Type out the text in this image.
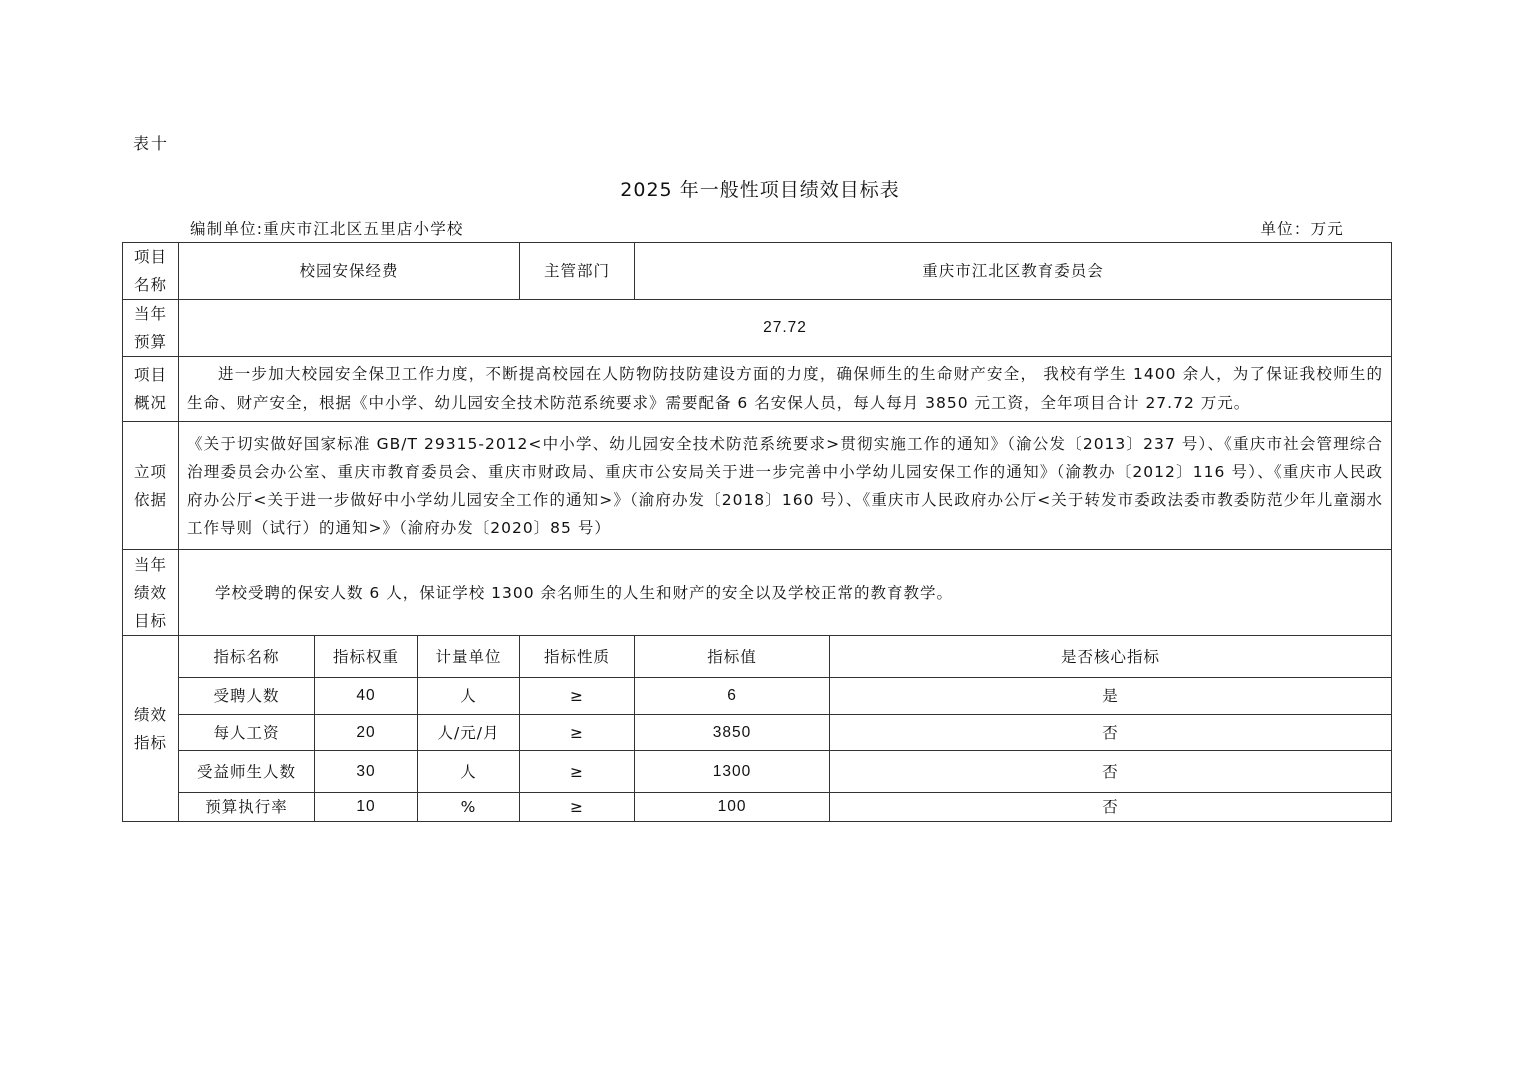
表十
2025 年一般性项目绩效目标表
编制单位:重庆市江北区五里店小学校	单位：万元
项目
名称	校园安保经费			主管部门	重庆市江北区教育委员会	

当年
预算	27.72					

项目
概况	进一步加大校园安全保卫工作力度，不断提高校园在人防物防技防建设方面的力度，确保师生的生命财产安全， 我校有学生 1400 余人，为了保证我校师生的生命、财产安全，根据《中小学、幼儿园安全技术防范系统要求》需要配备 6 名安保人员，每人每月 3850 元工资，全年项目合计 27.72 万元。					

立项
依据	《关于切实做好国家标准 GB/T 29315-2012<中小学、幼儿园安全技术防范系统要求>贯彻实施工作的通知》（渝公发〔2013〕237 号）、《重庆市社会管理综合治理委员会办公室、重庆市教育委员会、重庆市财政局、重庆市公安局关于进一步完善中小学幼儿园安保工作的通知》（渝教办〔2012〕116 号）、《重庆市人民政府办公厅<关于进一步做好中小学幼儿园安全工作的通知>》（渝府办发〔2018〕160 号）、《重庆市人民政府办公厅<关于转发市委政法委市教委防范少年儿童溺水工作导则（试行）的通知>》（渝府办发〔2020〕85 号）					

当年
绩效
目标	学校受聘的保安人数 6 人，保证学校 1300 余名师生的人生和财产的安全以及学校正常的教育教学。					

绩效
指标	指标名称	指标权重	计量单位	指标性质	指标值	是否核心指标
	受聘人数	40	人	≥	6	是
	每人工资	20	人/元/月	≥	3850	否
	受益师生人数	30	人	≥	1300	否
	预算执行率	10	%	≥	100	否
